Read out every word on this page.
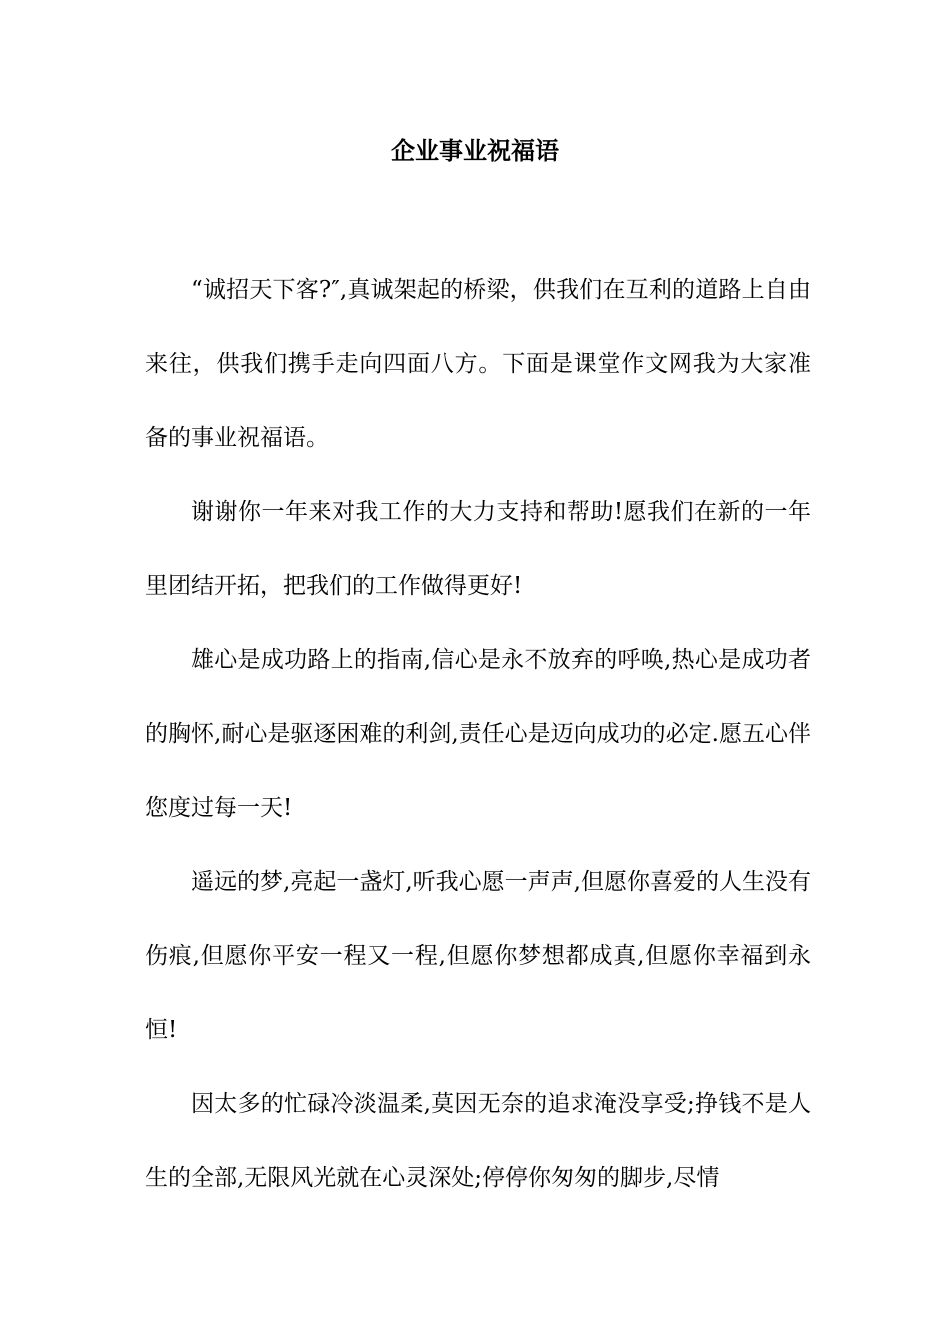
企业事业祝福语

“诚招天下客?″,真诚架起的桥梁，供我们在互利的道路上自由来往，供我们携手走向四面八方。下面是课堂作文网我为大家准备的事业祝福语。

谢谢你一年来对我工作的大力支持和帮助!愿我们在新的一年里团结开拓，把我们的工作做得更好!

雄心是成功路上的指南,信心是永不放弃的呼唤,热心是成功者的胸怀,耐心是驱逐困难的利剑,责任心是迈向成功的必定.愿五心伴您度过每一天!

遥远的梦,亮起一盏灯,听我心愿一声声,但愿你喜爱的人生没有伤痕,但愿你平安一程又一程,但愿你梦想都成真,但愿你幸福到永恒!

因太多的忙碌冷淡温柔,莫因无奈的追求淹没享受;挣钱不是人生的全部,无限风光就在心灵深处;停停你匆匆的脚步,尽情
